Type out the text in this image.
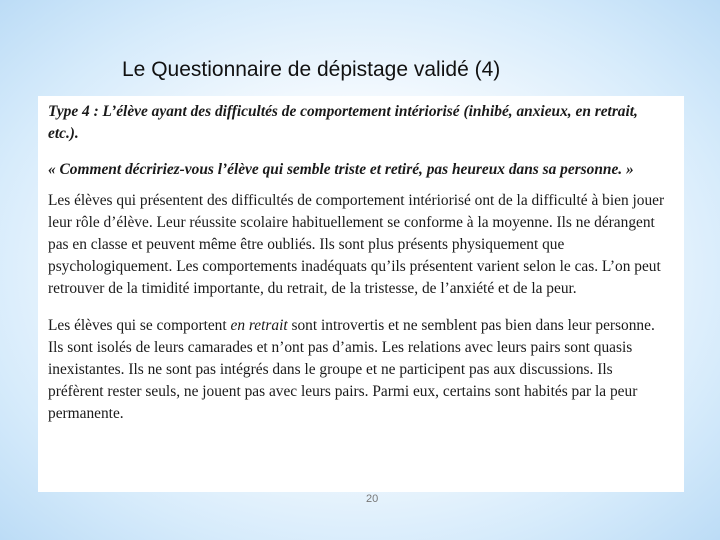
Le Questionnaire de dépistage validé (4)

Type 4 : L’élève ayant des difficultés de comportement intériorisé (inhibé, anxieux, en retrait, etc.).

« Comment décririez-vous l’élève qui semble triste et retiré, pas heureux dans sa personne. »

Les élèves qui présentent des difficultés de comportement intériorisé ont de la difficulté à bien jouer leur rôle d’élève. Leur réussite scolaire habituellement se conforme à la moyenne. Ils ne dérangent pas en classe et peuvent même être oubliés. Ils sont plus présents physiquement que psychologiquement. Les comportements inadéquats qu’ils présentent varient selon le cas. L’on peut retrouver de la timidité importante, du retrait, de la tristesse, de l’anxiété et de la peur.

Les élèves qui se comportent en retrait sont introvertis et ne semblent pas bien dans leur personne. Ils sont isolés de leurs camarades et n’ont pas d’amis. Les relations avec leurs pairs sont quasis inexistantes. Ils ne sont pas intégrés dans le groupe et ne participent pas aux discussions. Ils préfèrent rester seuls, ne jouent pas avec leurs pairs. Parmi eux, certains sont habités par la peur permanente.

20
